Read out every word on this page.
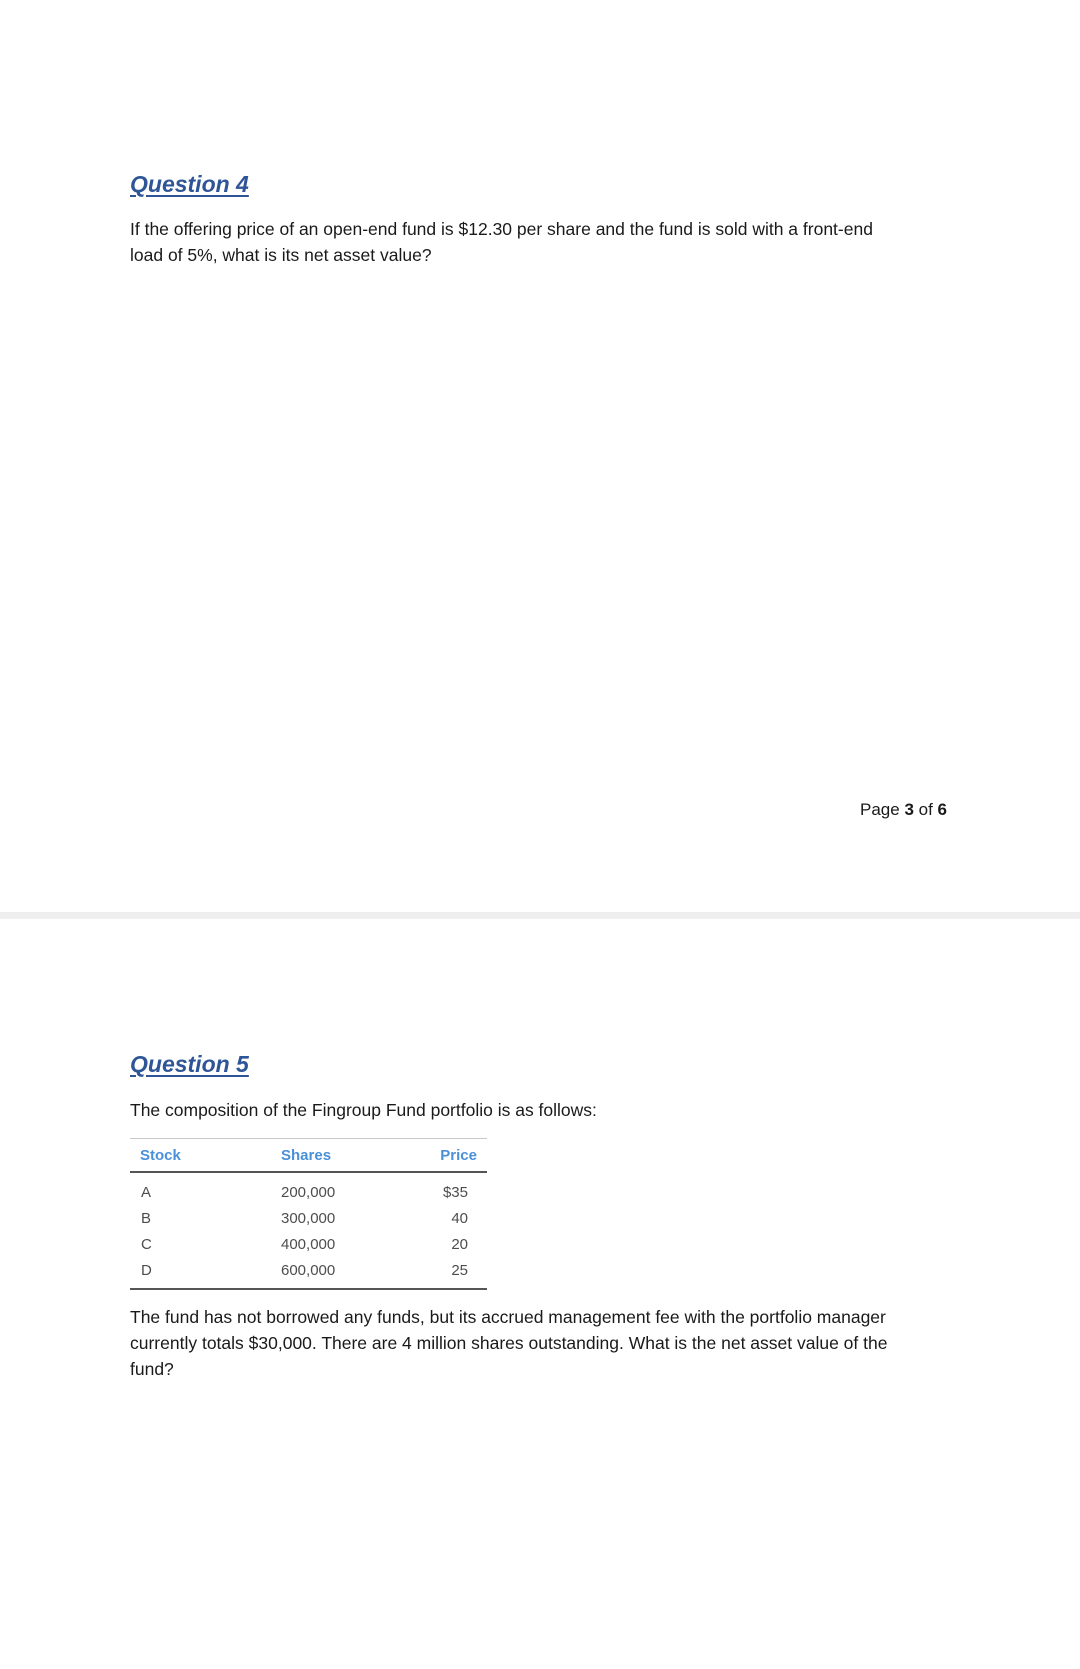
Question 4

If the offering price of an open-end fund is $12.30 per share and the fund is sold with a front-end
load of 5%, what is its net asset value?

Page 3 of 6
Question 5

The composition of the Fingroup Fund portfolio is as follows:

Stock	Shares	Price
A	200,000	$35
B	300,000	40
C	400,000	20
D	600,000	25

The fund has not borrowed any funds, but its accrued management fee with the portfolio manager
currently totals $30,000. There are 4 million shares outstanding. What is the net asset value of the
fund?
